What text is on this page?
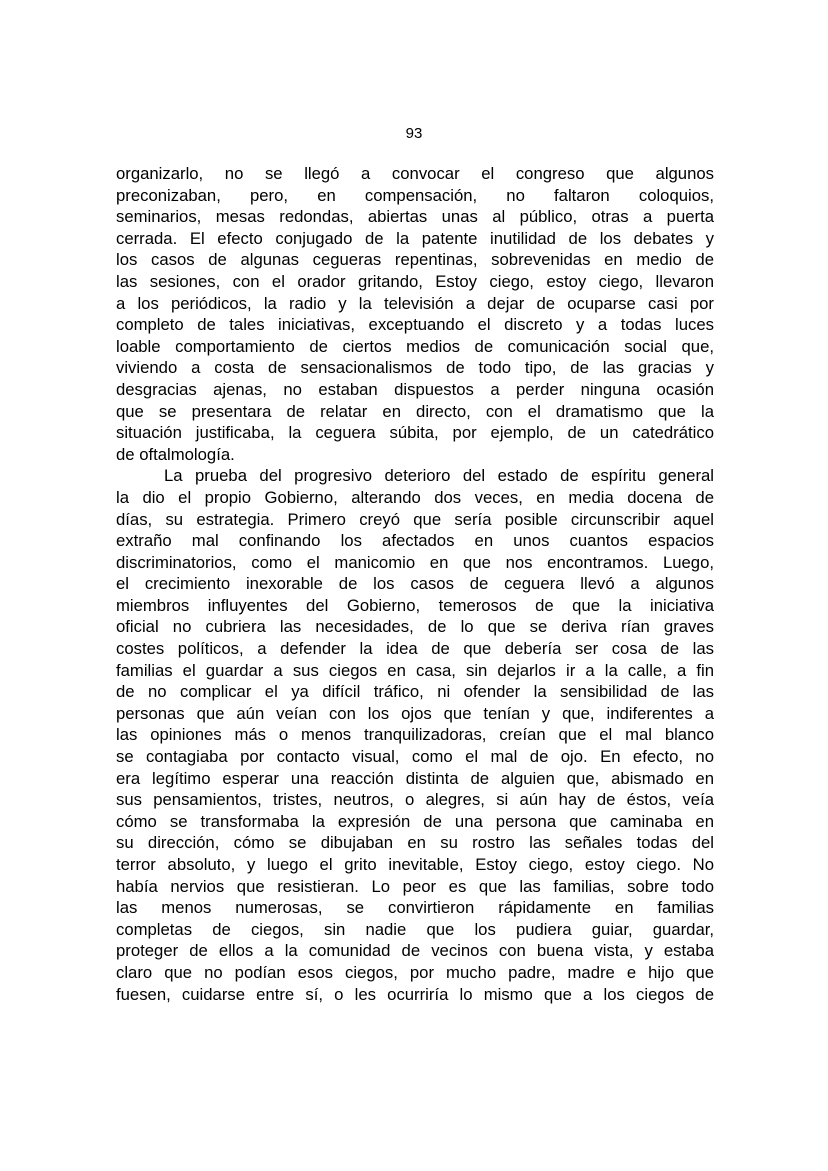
93
organizarlo, no se llegó a convocar el congreso que algunos
preconizaban, pero, en compensación, no faltaron coloquios,
seminarios, mesas redondas, abiertas unas al público, otras a puerta
cerrada. El efecto conjugado de la patente inutilidad de los debates y
los casos de algunas cegueras repentinas, sobrevenidas en medio de
las sesiones, con el orador gritando, Estoy ciego, estoy ciego, llevaron
a los periódicos, la radio y la televisión a dejar de ocuparse casi por
completo de tales iniciativas, exceptuando el discreto y a todas luces
loable comportamiento de ciertos medios de comunicación social que,
viviendo a costa de sensacionalismos de todo tipo, de las gracias y
desgracias ajenas, no estaban dispuestos a perder ninguna ocasión
que se presentara de relatar en directo, con el dramatismo que la
situación justificaba, la ceguera súbita, por ejemplo, de un catedrático
de oftalmología.
La prueba del progresivo deterioro del estado de espíritu general
la dio el propio Gobierno, alterando dos veces, en media docena de
días, su estrategia. Primero creyó que sería posible circunscribir aquel
extraño mal confinando los afectados en unos cuantos espacios
discriminatorios, como el manicomio en que nos encontramos. Luego,
el crecimiento inexorable de los casos de ceguera llevó a algunos
miembros influyentes del Gobierno, temerosos de que la iniciativa
oficial no cubriera las necesidades, de lo que se deriva rían graves
costes políticos, a defender la idea de que debería ser cosa de las
familias el guardar a sus ciegos en casa, sin dejarlos ir a la calle, a fin
de no complicar el ya difícil tráfico, ni ofender la sensibilidad de las
personas que aún veían con los ojos que tenían y que, indiferentes a
las opiniones más o menos tranquilizadoras, creían que el mal blanco
se contagiaba por contacto visual, como el mal de ojo. En efecto, no
era legítimo esperar una reacción distinta de alguien que, abismado en
sus pensamientos, tristes, neutros, o alegres, si aún hay de éstos, veía
cómo se transformaba la expresión de una persona que caminaba en
su dirección, cómo se dibujaban en su rostro las señales todas del
terror absoluto, y luego el grito inevitable, Estoy ciego, estoy ciego. No
había nervios que resistieran. Lo peor es que las familias, sobre todo
las menos numerosas, se convirtieron rápidamente en familias
completas de ciegos, sin nadie que los pudiera guiar, guardar,
proteger de ellos a la comunidad de vecinos con buena vista, y estaba
claro que no podían esos ciegos, por mucho padre, madre e hijo que
fuesen, cuidarse entre sí, o les ocurriría lo mismo que a los ciegos de
